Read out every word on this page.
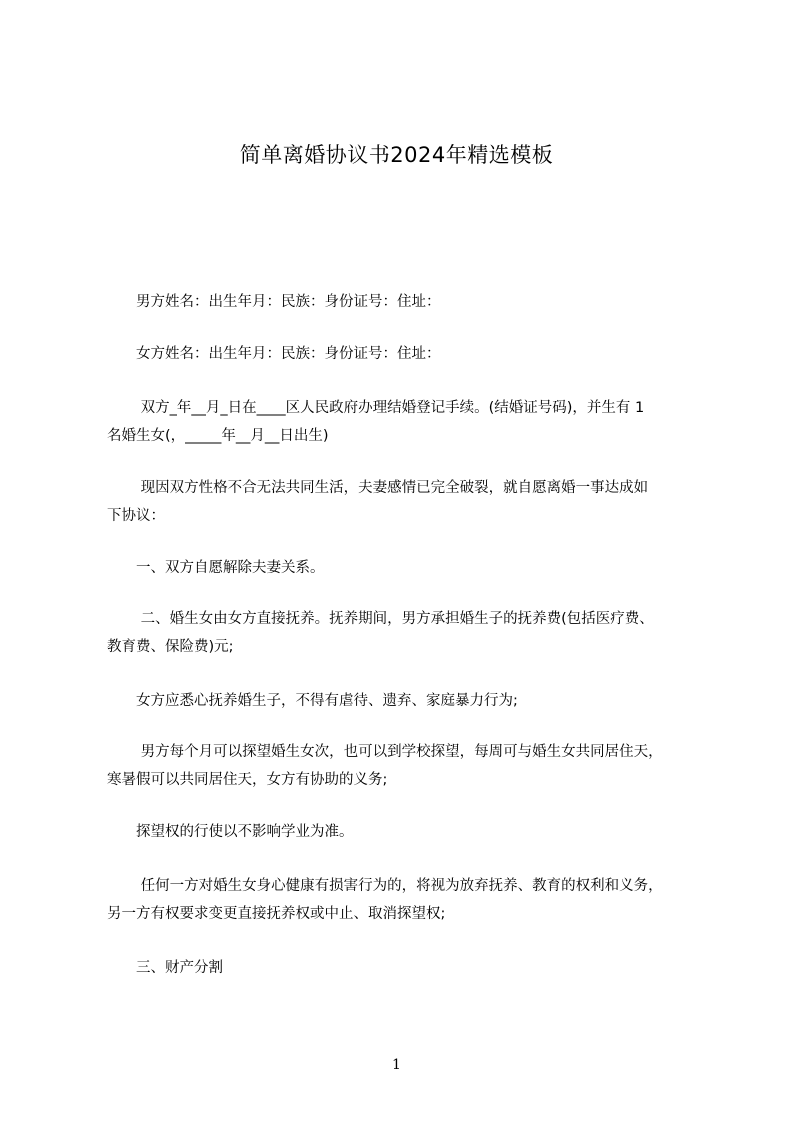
简单离婚协议书2024年精选模板
　　男方姓名：出生年月：民族：身份证号：住址：
　　女方姓名：出生年月：民族：身份证号：住址：
　　 双方_年__月_日在____区人民政府办理结婚登记手续。(结婚证号码)，并生有 1
名婚生女(，_____年__月__日出生)
　　 现因双方性格不合无法共同生活，夫妻感情已完全破裂，就自愿离婚一事达成如
下协议：
　　一、双方自愿解除夫妻关系。
　　 二、婚生女由女方直接抚养。抚养期间，男方承担婚生子的抚养费(包括医疗费、
教育费、保险费)元;
　　女方应悉心抚养婚生子，不得有虐待、遗弃、家庭暴力行为;
　　 男方每个月可以探望婚生女次，也可以到学校探望，每周可与婚生女共同居住天，
寒暑假可以共同居住天，女方有协助的义务;
　　探望权的行使以不影响学业为准。
　　 任何一方对婚生女身心健康有损害行为的，将视为放弃抚养、教育的权利和义务，
另一方有权要求变更直接抚养权或中止、取消探望权;
　　三、财产分割
1
